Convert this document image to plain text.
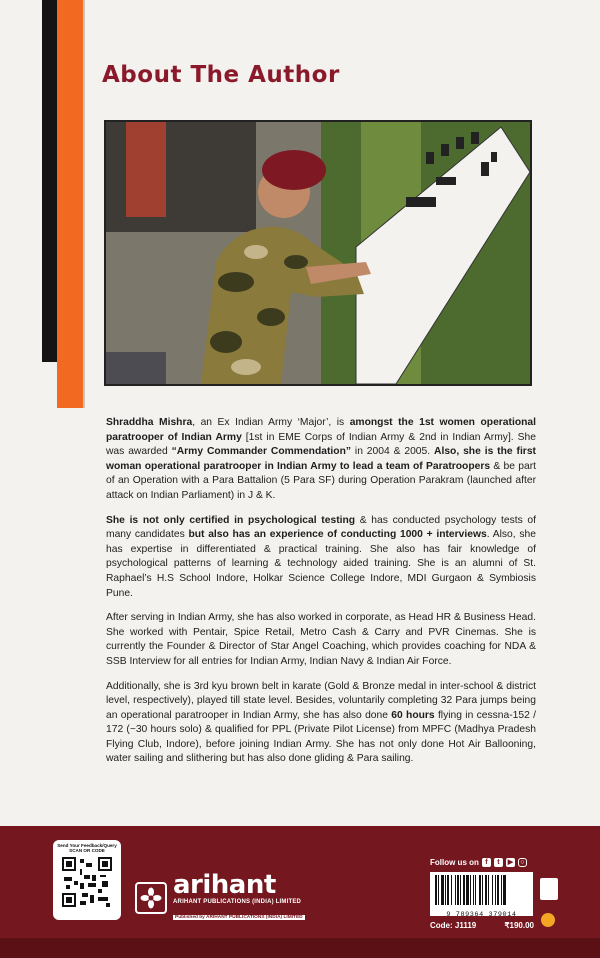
About The Author

Shraddha Mishra, an Ex Indian Army ‘Major’, is amongst the 1st women operational paratrooper of Indian Army [1st in EME Corps of Indian Army & 2nd in Indian Army]. She was awarded “Army Commander Commendation” in 2004 & 2005. Also, she is the first woman operational paratrooper in Indian Army to lead a team of Paratroopers & be part of an Operation with a Para Battalion (5 Para SF) during Operation Parakram (launched after attack on Indian Parliament) in J & K.

She is not only certified in psychological testing & has conducted psychology tests of many candidates but also has an experience of conducting 1000 + interviews. Also, she has expertise in differentiated & practical training. She also has fair knowledge of psychological patterns of learning & technology aided training. She is an alumni of St. Raphael’s H.S School Indore, Holkar Science College Indore, MDI Gurgaon & Symbiosis Pune.

After serving in Indian Army, she has also worked in corporate, as Head HR & Business Head. She worked with Pentair, Spice Retail, Metro Cash & Carry and PVR Cinemas. She is currently the Founder & Director of Star Angel Coaching, which provides coaching for NDA & SSB Interview for all entries for Indian Army, Indian Navy & Indian Air Force.

Additionally, she is 3rd kyu brown belt in karate (Gold & Bronze medal in inter-school & district level, respectively), played till state level. Besides, voluntarily completing 32 Para jumps being an operational paratrooper in Indian Army, she has also done 60 hours flying in cessna-152 / 172 (~30 hours solo) & qualified for PPL (Private Pilot License) from MPFC (Madhya Pradesh Flying Club, Indore), before joining Indian Army. She has not only done Hot Air Ballooning, water sailing and slithering but has also done gliding & Para sailing.

Send Your Feedback/Query
SCAN OR CODE
arihant
ARIHANT PUBLICATIONS (INDIA) LIMITED
Published by ARIHANT PUBLICATIONS (INDIA) LIMITED
Follow us on f	t	▶	○
9 789364 379014
Code: J1119	₹190.00
